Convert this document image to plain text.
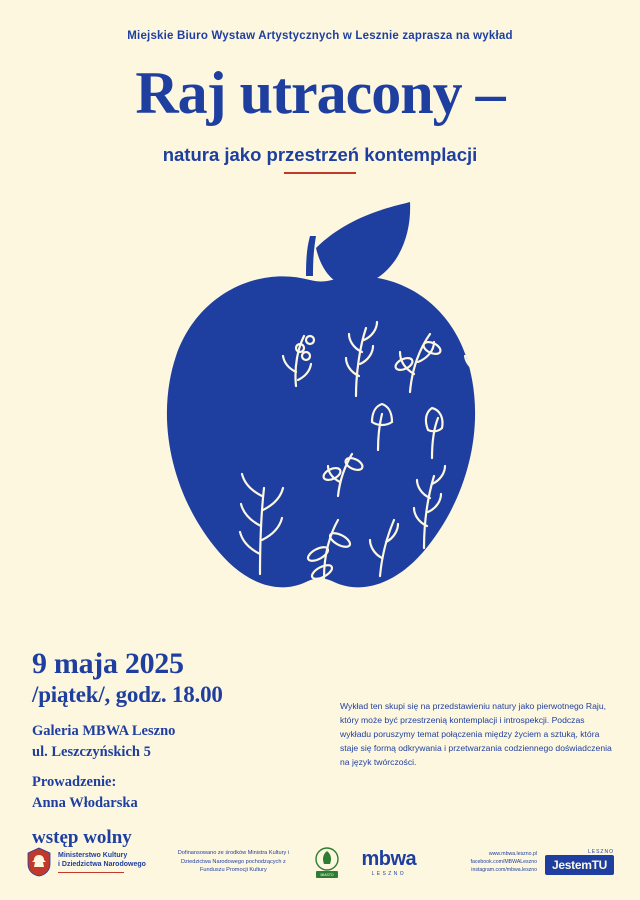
Miejskie Biuro Wystaw Artystycznych w Lesznie zaprasza na wykład
Raj utracony –
natura jako przestrzeń kontemplacji
9 maja 2025
/piątek/, godz. 18.00
Galeria MBWA Leszno
ul. Leszczyńskich 5
Prowadzenie:
Anna Włodarska
wstęp wolny
Wykład ten skupi się na przedstawieniu natury jako pierwotnego Raju, który może być przestrzenią kontemplacji i introspekcji. Podczas wykładu poruszymy temat połączenia między życiem a sztuką, która staje się formą odkrywania i przetwarzania codziennego doświadczenia na język twórczości.
Ministerstwo Kultury
i Dziedzictwa Narodowego
Dofinansowano ze środków Ministra Kultury i Dziedzictwa Narodowego pochodzących z Funduszu Promocji Kultury
MIASTO
mbwa
LESZNO
www.mbwa.leszno.pl
facebook.com/MBWALeszno
instagram.com/mbwa.leszno
LESZNO
JestemTU
